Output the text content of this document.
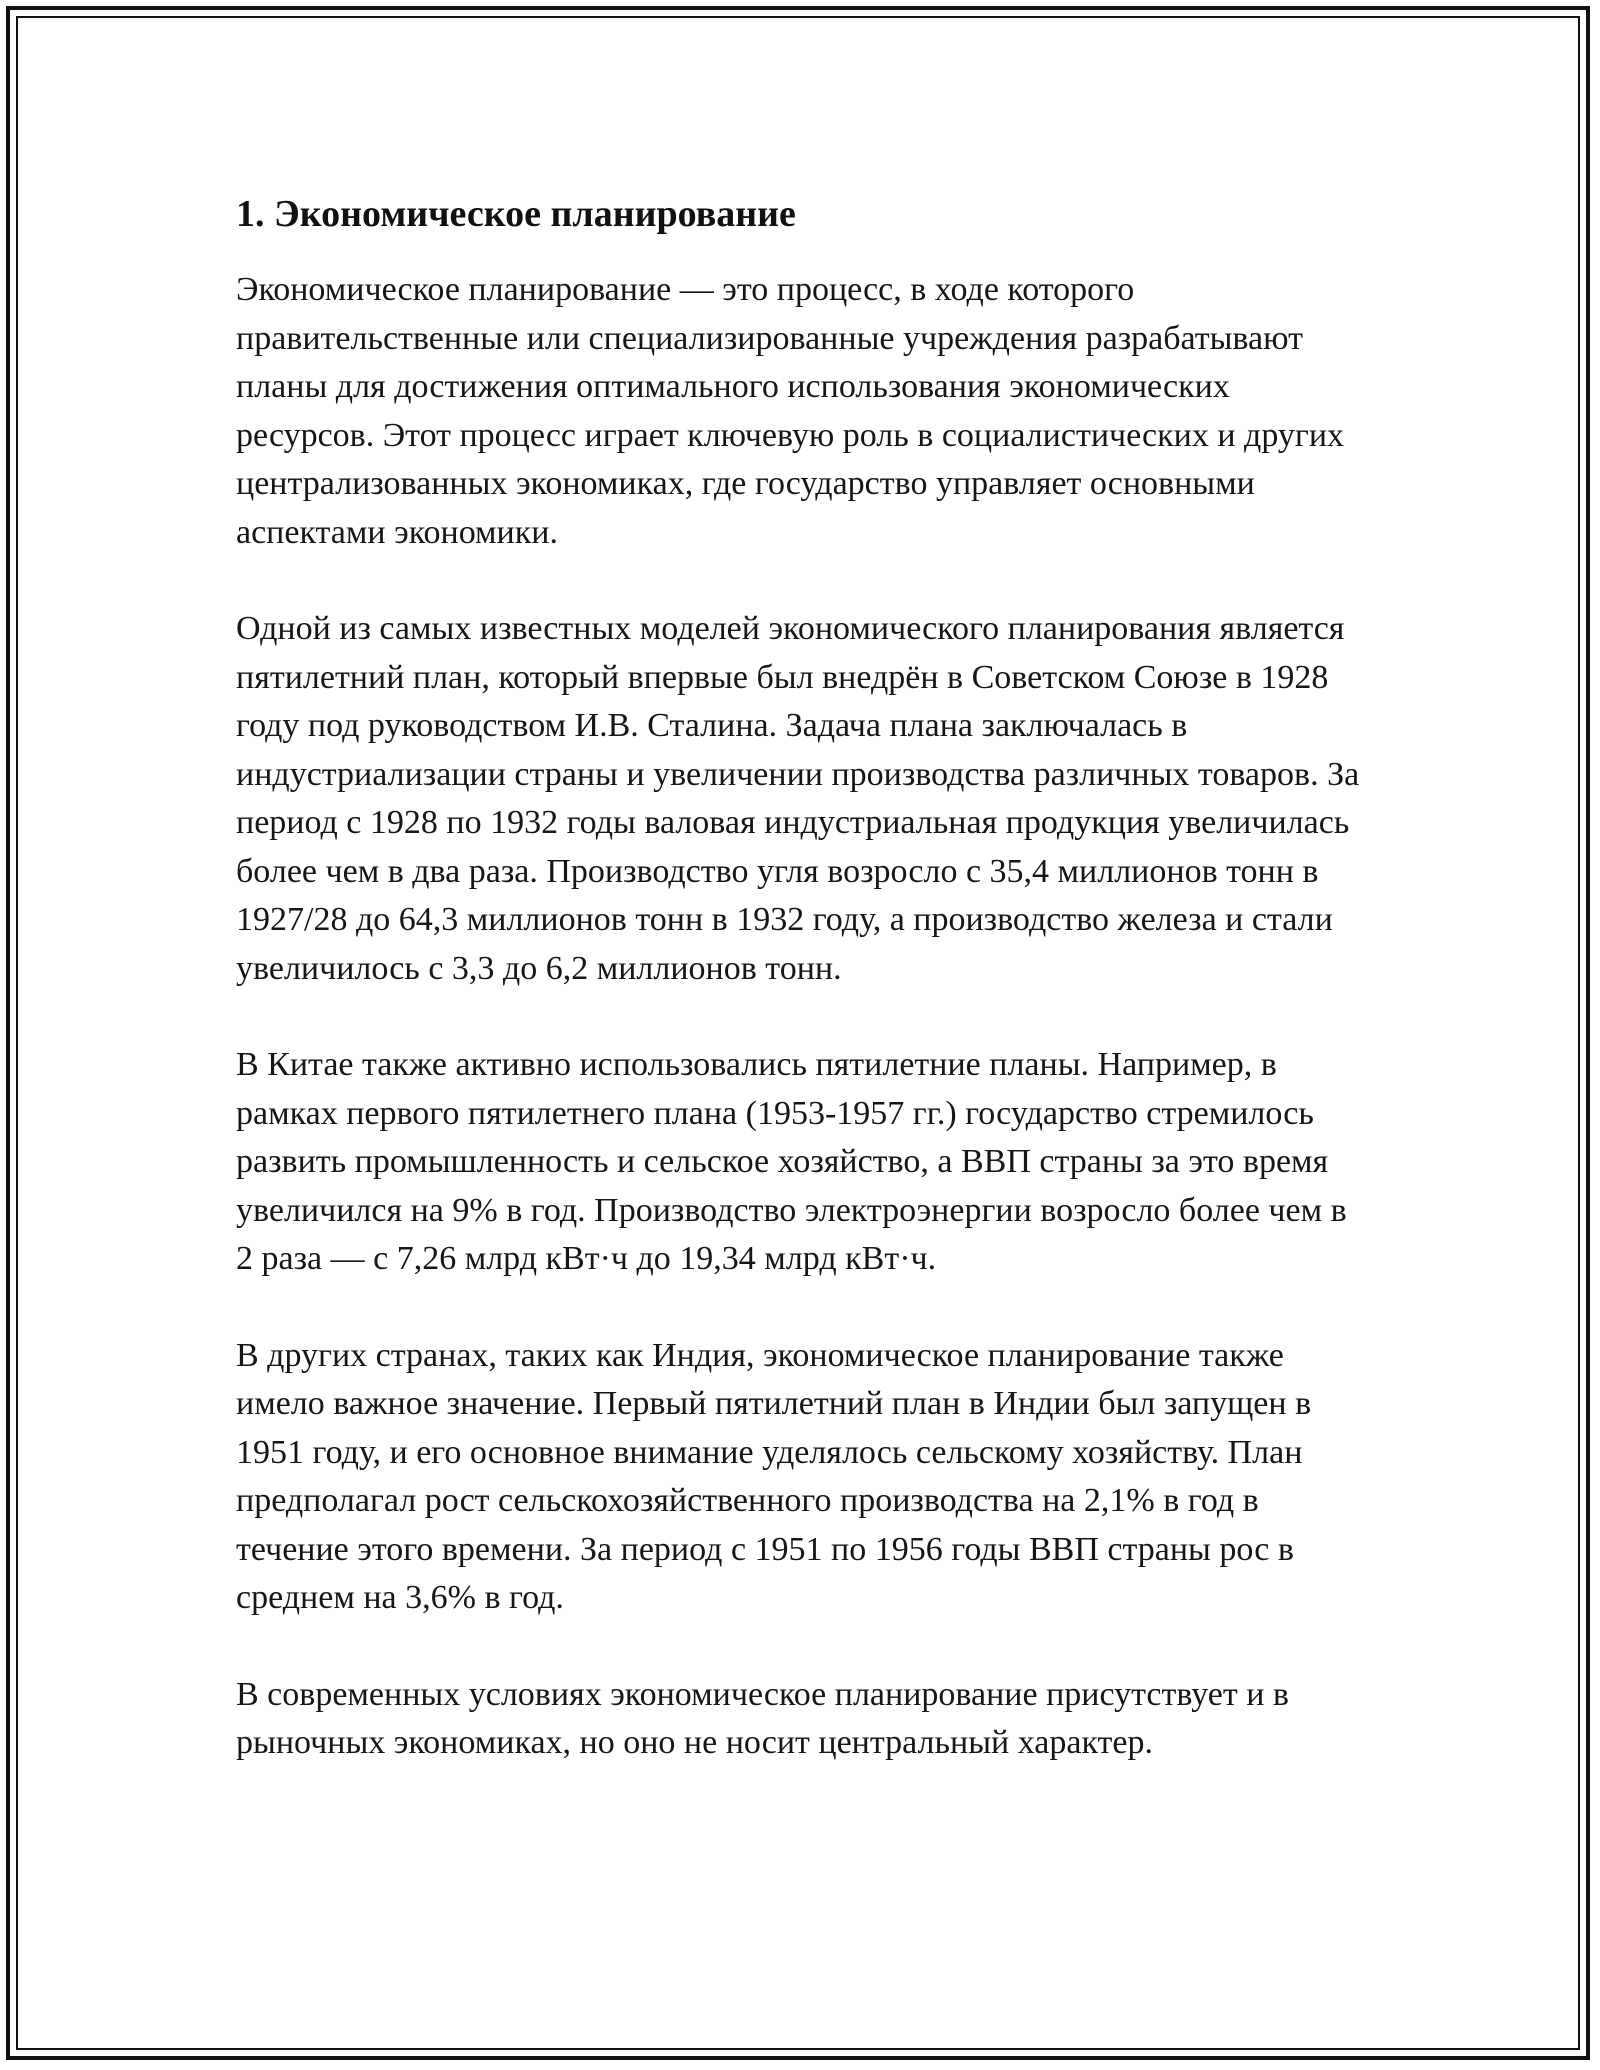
1. Экономическое планирование

Экономическое планирование — это процесс, в ходе которого правительственные или специализированные учреждения разрабатывают планы для достижения оптимального использования экономических ресурсов. Этот процесс играет ключевую роль в социалистических и других централизованных экономиках, где государство управляет основными аспектами экономики.

Одной из самых известных моделей экономического планирования является пятилетний план, который впервые был внедрён в Советском Союзе в 1928 году под руководством И.В. Сталина. Задача плана заключалась в индустриализации страны и увеличении производства различных товаров. За период с 1928 по 1932 годы валовая индустриальная продукция увеличилась более чем в два раза. Производство угля возросло с 35,4 миллионов тонн в 1927/28 до 64,3 миллионов тонн в 1932 году, а производство железа и стали увеличилось с 3,3 до 6,2 миллионов тонн.

В Китае также активно использовались пятилетние планы. Например, в рамках первого пятилетнего плана (1953-1957 гг.) государство стремилось развить промышленность и сельское хозяйство, а ВВП страны за это время увеличился на 9% в год. Производство электроэнергии возросло более чем в 2 раза — с 7,26 млрд кВт·ч до 19,34 млрд кВт·ч.

В других странах, таких как Индия, экономическое планирование также имело важное значение. Первый пятилетний план в Индии был запущен в 1951 году, и его основное внимание уделялось сельскому хозяйству. План предполагал рост сельскохозяйственного производства на 2,1% в год в течение этого времени. За период с 1951 по 1956 годы ВВП страны рос в среднем на 3,6% в год.

В современных условиях экономическое планирование присутствует и в рыночных экономиках, но оно не носит центральный характер.
